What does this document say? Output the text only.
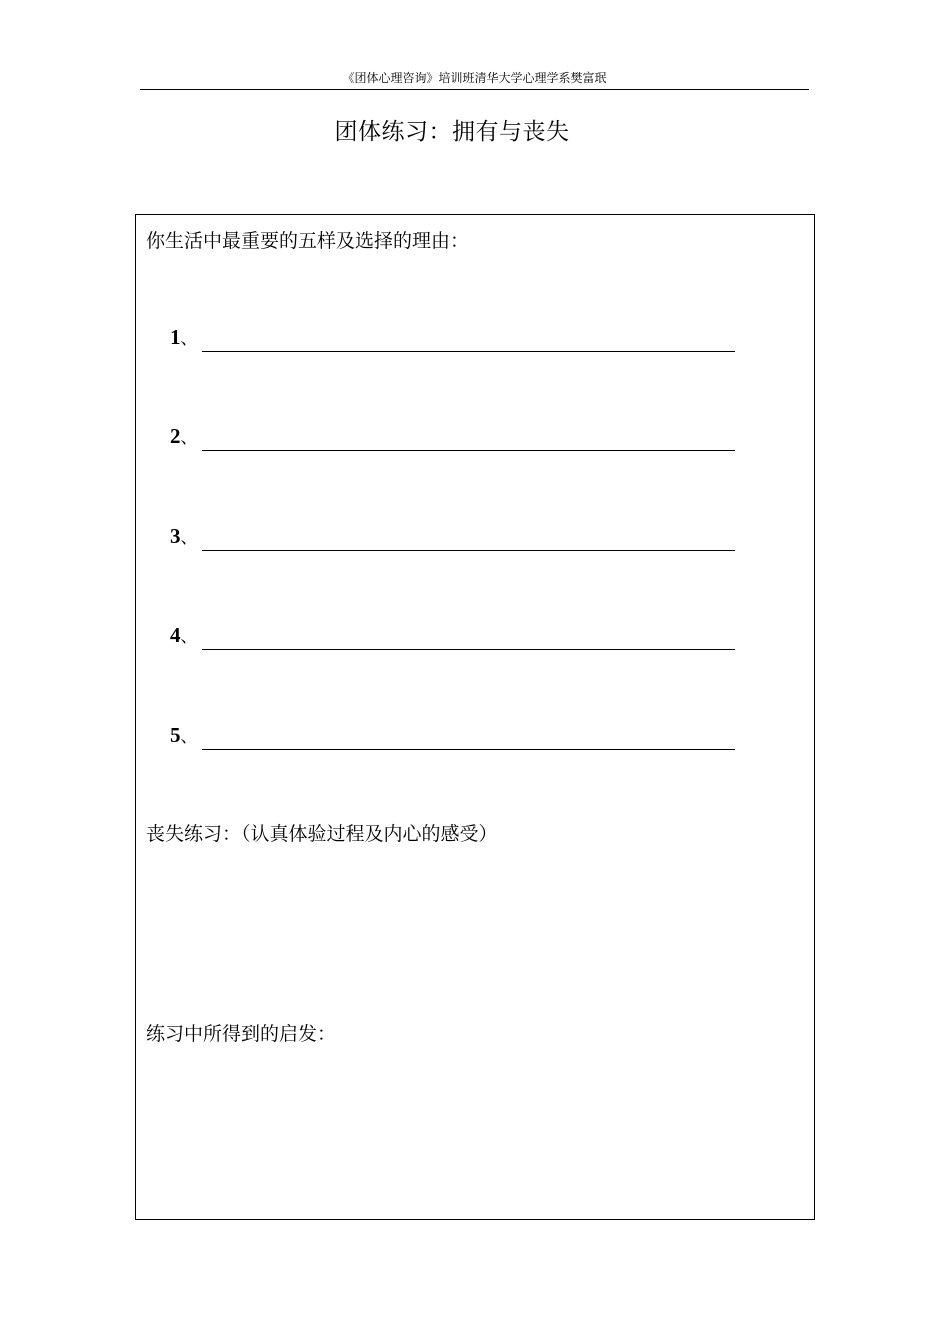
《团体心理咨询》培训班清华大学心理学系樊富珉
团体练习：拥有与丧失
你生活中最重要的五样及选择的理由：
1、
2、
3、
4、
5、
丧失练习：（认真体验过程及内心的感受）
练习中所得到的启发：
